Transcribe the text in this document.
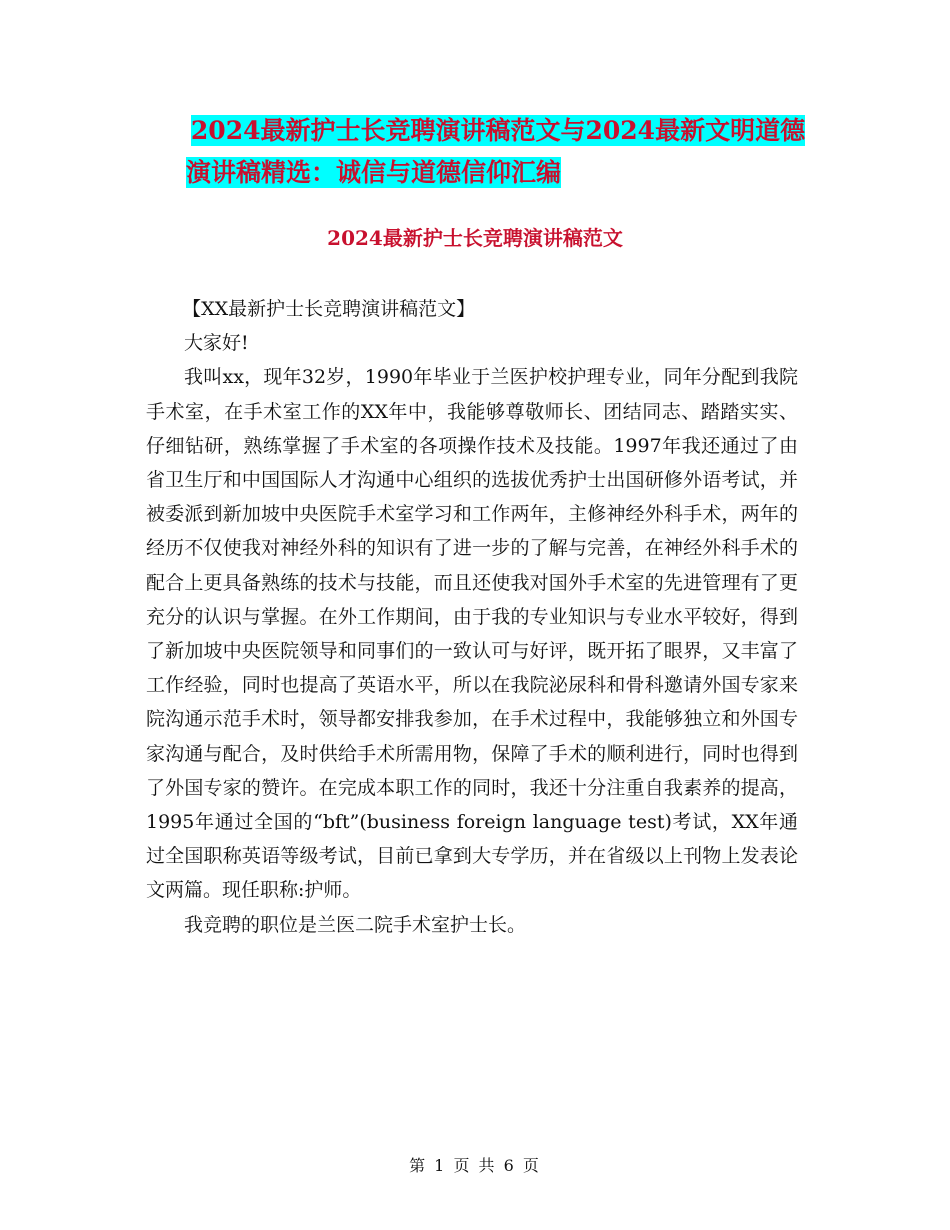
2024最新护士长竞聘演讲稿范文与2024最新文明道德
演讲稿精选：诚信与道德信仰汇编
2024最新护士长竞聘演讲稿范文

【XX最新护士长竞聘演讲稿范文】

大家好!

我叫xx，现年32岁，1990年毕业于兰医护校护理专业，同年分配到我院手术室，在手术室工作的XX年中，我能够尊敬师长、团结同志、踏踏实实、仔细钻研，熟练掌握了手术室的各项操作技术及技能。1997年我还通过了由省卫生厅和中国国际人才沟通中心组织的选拔优秀护士出国研修外语考试，并被委派到新加坡中央医院手术室学习和工作两年，主修神经外科手术，两年的经历不仅使我对神经外科的知识有了进一步的了解与完善，在神经外科手术的配合上更具备熟练的技术与技能，而且还使我对国外手术室的先进管理有了更充分的认识与掌握。在外工作期间，由于我的专业知识与专业水平较好，得到了新加坡中央医院领导和同事们的一致认可与好评，既开拓了眼界，又丰富了工作经验，同时也提高了英语水平，所以在我院泌尿科和骨科邀请外国专家来院沟通示范手术时，领导都安排我参加，在手术过程中，我能够独立和外国专家沟通与配合，及时供给手术所需用物，保障了手术的顺利进行，同时也得到了外国专家的赞许。在完成本职工作的同时，我还十分注重自我素养的提高，1995年通过全国的“bft”(business foreign language test)考试，XX年通过全国职称英语等级考试，目前已拿到大专学历，并在省级以上刊物上发表论文两篇。现任职称:护师。

我竞聘的职位是兰医二院手术室护士长。

第 1 页 共 6 页
